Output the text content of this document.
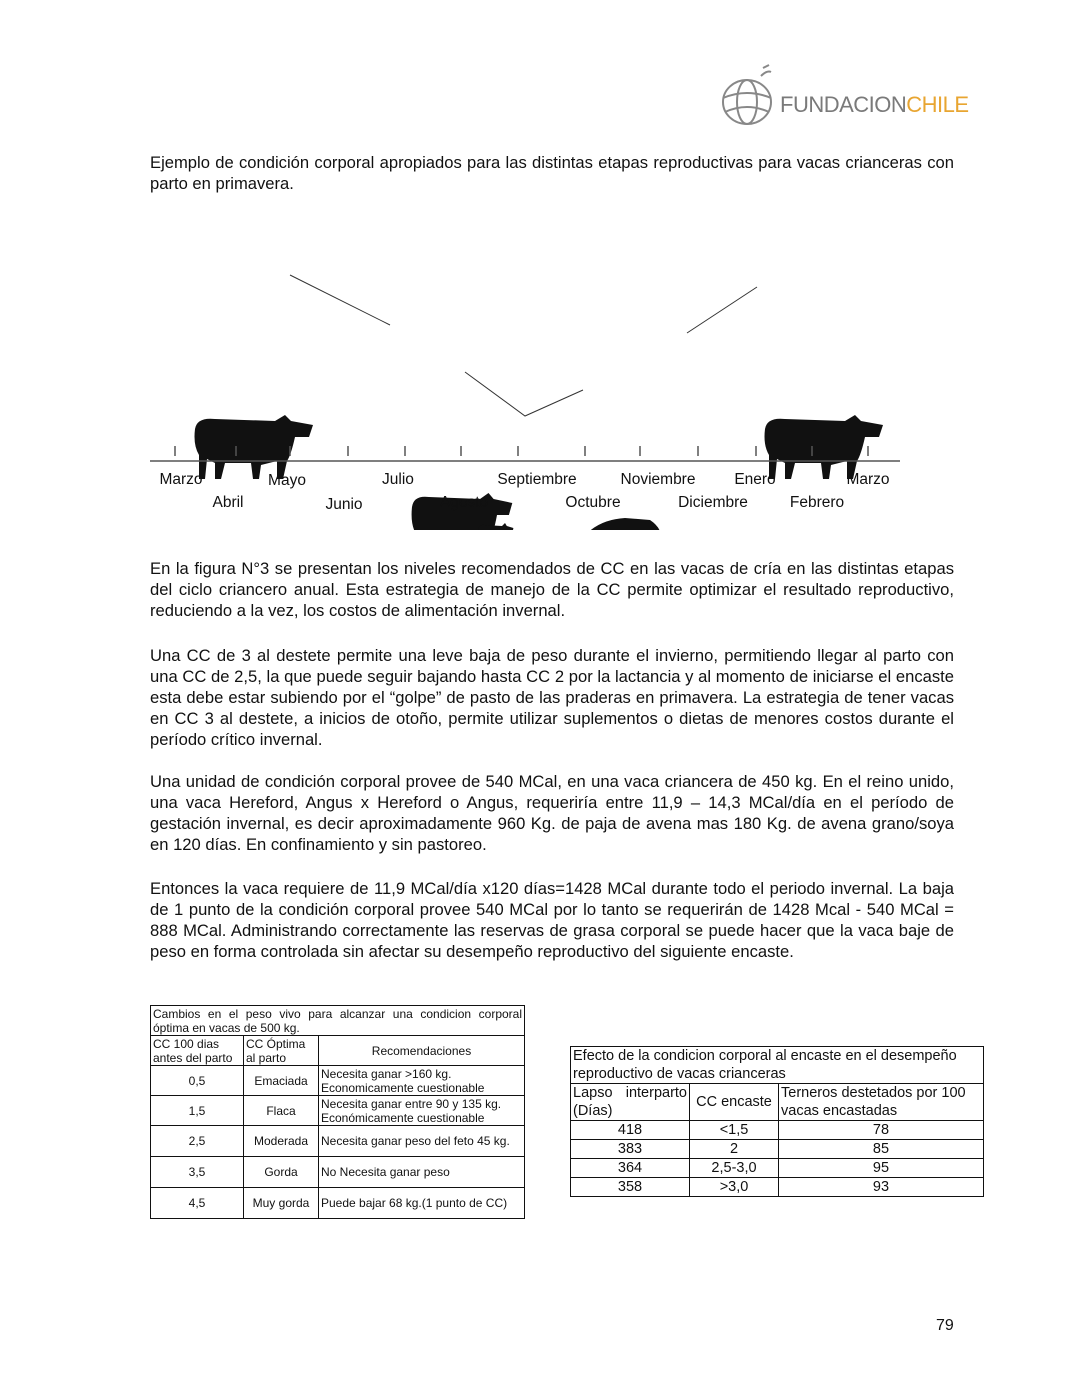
FUNDACIONCHILE
Ejemplo de condición corporal apropiados para las distintas etapas reproductivas para vacas crianceras con parto en primavera.
3
2.5
2
3
Marzo	Mayo	Julio	Septiembre	Noviembre	Enero	Marzo
Abril	Junio	Agosto	Octubre	Diciembre	Febrero
En la figura N°3 se presentan los niveles recomendados de CC en las vacas de cría en las distintas etapas del ciclo criancero anual. Esta estrategia de manejo de la CC permite optimizar el resultado reproductivo, reduciendo a la vez, los costos de alimentación invernal.
Una CC de 3 al destete permite una leve baja de peso durante el invierno, permitiendo llegar al parto con una CC de 2,5, la que puede seguir bajando hasta CC 2 por la lactancia y al momento de iniciarse el encaste esta debe estar subiendo por el “golpe” de pasto de las praderas en primavera. La estrategia de tener vacas en CC 3 al destete, a inicios de otoño, permite utilizar suplementos o dietas de menores costos durante el período crítico invernal.
Una unidad de condición corporal provee de 540 MCal, en una vaca criancera de 450 kg. En el reino unido, una vaca Hereford, Angus x Hereford o Angus, requeriría entre 11,9 – 14,3 MCal/día en el período de gestación invernal, es decir aproximadamente 960 Kg. de paja de avena mas 180 Kg. de avena grano/soya en 120 días. En confinamiento y sin pastoreo.
Entonces la vaca requiere de 11,9 MCal/día x120 días=1428 MCal durante todo el periodo invernal. La baja de 1 punto de la condición corporal provee 540 MCal por lo tanto se requerirán de 1428 Mcal - 540 MCal = 888 MCal. Administrando correctamente las reservas de grasa corporal se puede hacer que la vaca baje de peso en forma controlada sin afectar su desempeño reproductivo del siguiente encaste.
Cambios en el peso vivo para alcanzar una condicion corporal óptima en vacas de 500 kg.		
CC 100 dias antes del parto	CC Óptima al parto	Recomendaciones
0,5	Emaciada	Necesita ganar >160 kg. Economicamente cuestionable
1,5	Flaca	Necesita ganar entre 90 y 135 kg. Económicamente cuestionable
2,5	Moderada	Necesita ganar peso del feto 45 kg.
3,5	Gorda	No Necesita ganar peso
4,5	Muy gorda	Puede bajar 68 kg.(1 punto de CC)
Efecto de la condicion corporal al encaste en el desempeño reproductivo de vacas crianceras		
Lapso interparto (Días)	CC encaste	Terneros destetados por 100 vacas encastadas
418	<1,5	78
383	2	85
364	2,5-3,0	95
358	>3,0	93
79
